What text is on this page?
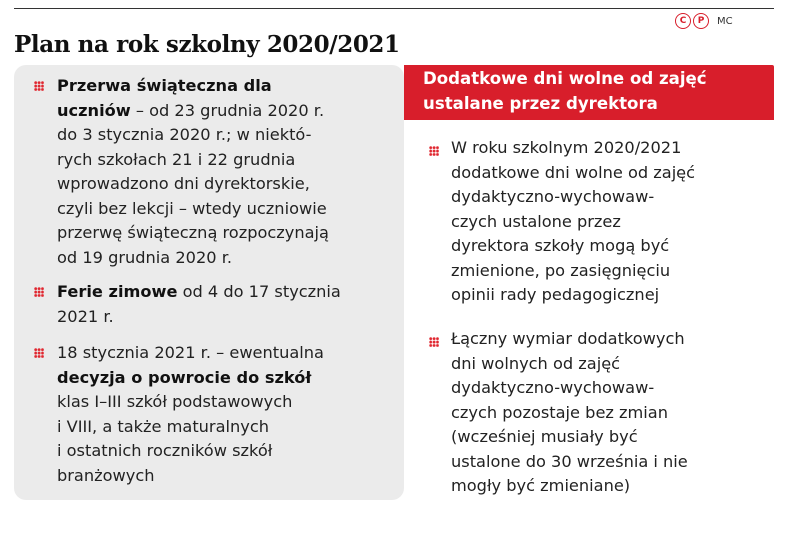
Plan na rok szkolny 2020/2021
C	P	MC

Przerwa świąteczna dla
uczniów – od 23 grudnia 2020 r.
do 3 stycznia 2020 r.; w niektó-
rych szkołach 21 i 22 grudnia
wprowadzono dni dyrektorskie,
czyli bez lekcji – wtedy uczniowie
przerwę świąteczną rozpoczynają
od 19 grudnia 2020 r.

Ferie zimowe od 4 do 17 stycznia
2021 r.

18 stycznia 2021 r. – ewentualna
decyzja o powrocie do szkół
klas I–III szkół podstawowych
i VIII, a także maturalnych
i ostatnich roczników szkół
branżowych

Dodatkowe dni wolne od zajęć
ustalane przez dyrektora

W roku szkolnym 2020/2021
dodatkowe dni wolne od zajęć
dydaktyczno-wychowaw-
czych ustalone przez
dyrektora szkoły mogą być
zmienione, po zasięgnięciu
opinii rady pedagogicznej

Łączny wymiar dodatkowych
dni wolnych od zajęć
dydaktyczno-wychowaw-
czych pozostaje bez zmian
(wcześniej musiały być
ustalone do 30 września i nie
mogły być zmieniane)
